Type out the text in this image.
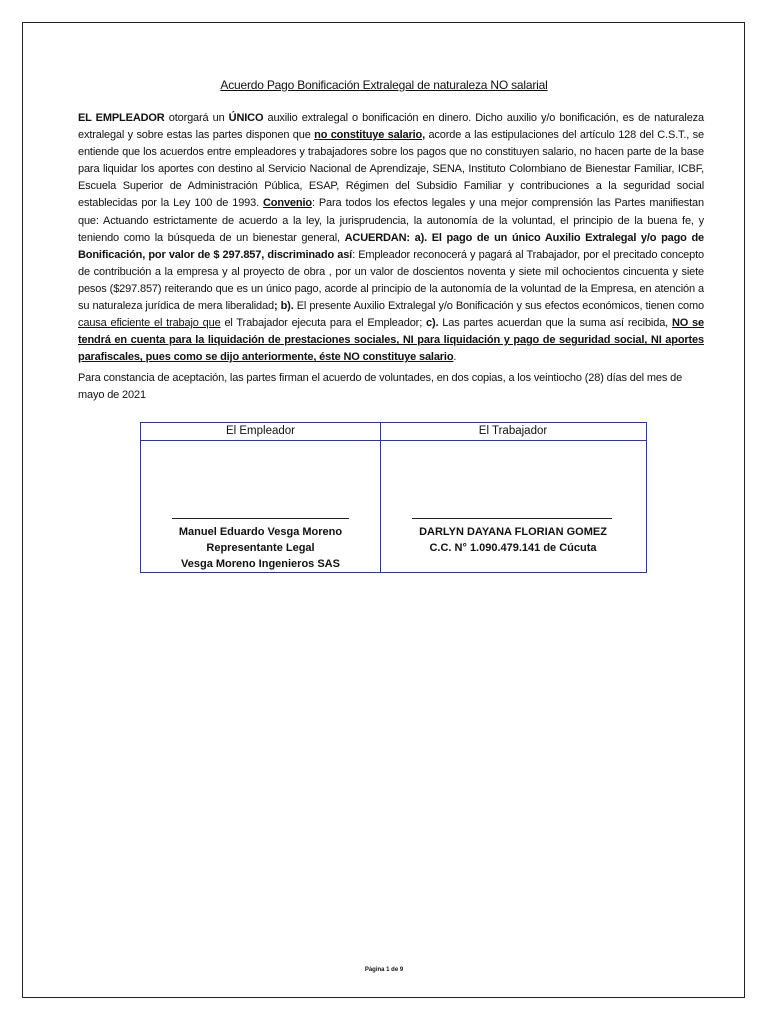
Acuerdo Pago Bonificación Extralegal de naturaleza NO salarial
EL EMPLEADOR otorgará un ÚNICO auxilio extralegal o bonificación en dinero. Dicho auxilio y/o bonificación, es de naturaleza extralegal y sobre estas las partes disponen que no constituye salario, acorde a las estipulaciones del artículo 128 del C.S.T., se entiende que los acuerdos entre empleadores y trabajadores sobre los pagos que no constituyen salario, no hacen parte de la base para liquidar los aportes con destino al Servicio Nacional de Aprendizaje, SENA, Instituto Colombiano de Bienestar Familiar, ICBF, Escuela Superior de Administración Pública, ESAP, Régimen del Subsidio Familiar y contribuciones a la seguridad social establecidas por la Ley 100 de 1993. Convenio: Para todos los efectos legales y una mejor comprensión las Partes manifiestan que: Actuando estrictamente de acuerdo a la ley, la jurisprudencia, la autonomía de la voluntad, el principio de la buena fe, y teniendo como la búsqueda de un bienestar general, ACUERDAN: a). El pago de un único Auxilio Extralegal y/o pago de Bonificación, por valor de $ 297.857, discriminado así: Empleador reconocerá y pagará al Trabajador, por el precitado concepto de contribución a la empresa y al proyecto de obra , por un valor de doscientos noventa y siete mil ochocientos cincuenta y siete pesos ($297.857) reiterando que es un único pago, acorde al principio de la autonomía de la voluntad de la Empresa, en atención a su naturaleza jurídica de mera liberalidad; b). El presente Auxilio Extralegal y/o Bonificación y sus efectos económicos, tienen como causa eficiente el trabajo que el Trabajador ejecuta para el Empleador; c). Las partes acuerdan que la suma así recibida, NO se tendrá en cuenta para la liquidación de prestaciones sociales, NI para liquidación y pago de seguridad social, NI aportes parafiscales, pues como se dijo anteriormente, éste NO constituye salario.
Para constancia de aceptación, las partes firman el acuerdo de voluntades, en dos copias, a los veintiocho (28) días del mes de mayo de 2021
El Empleador
Manuel Eduardo Vesga Moreno
Representante Legal
Vesga Moreno Ingenieros SAS
El Trabajador
DARLYN DAYANA FLORIAN GOMEZ
C.C. N° 1.090.479.141 de Cúcuta
Página 1 de 9
